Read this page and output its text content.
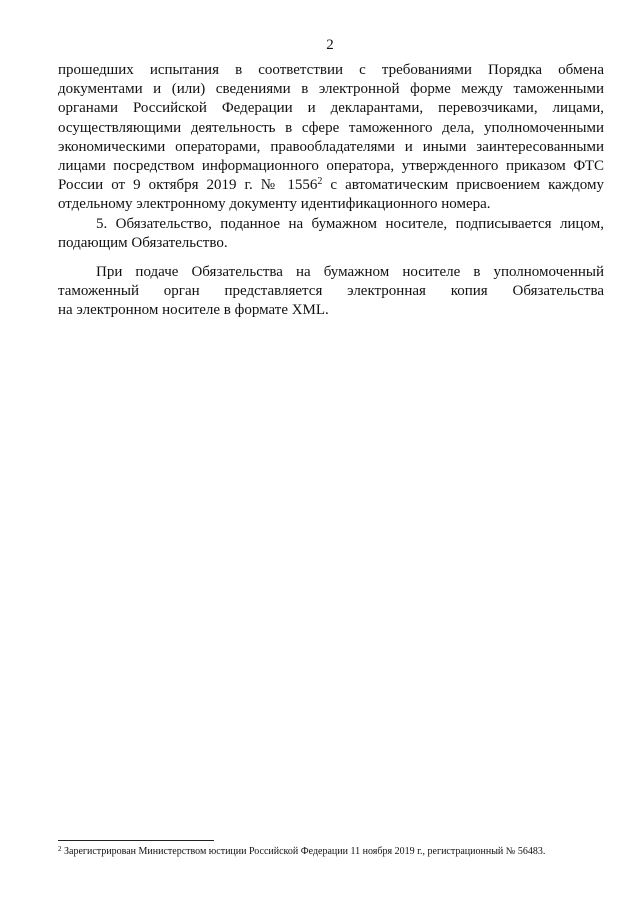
2

прошедших испытания в соответствии с требованиями Порядка обмена
документами и (или) сведениями в электронной форме между таможенными
органами Российской Федерации и декларантами, перевозчиками, лицами,
осуществляющими деятельность в сфере таможенного дела, уполномоченными
экономическими операторами, правообладателями и иными заинтересованными
лицами посредством информационного оператора, утвержденного приказом ФТС
России от 9 октября 2019 г. № 1556$^2$ с автоматическим присвоением каждому
отдельному электронному документу идентификационного номера.

5. Обязательство, поданное на бумажном носителе, подписывается лицом,
подающим Обязательство.

При подаче Обязательства на бумажном носителе в уполномоченный
таможенный орган представляется электронная копия Обязательства
на электронном носителе в формате XML.

$^2$ Зарегистрирован Министерством юстиции Российской Федерации 11 ноября 2019 г., регистрационный № 56483.
